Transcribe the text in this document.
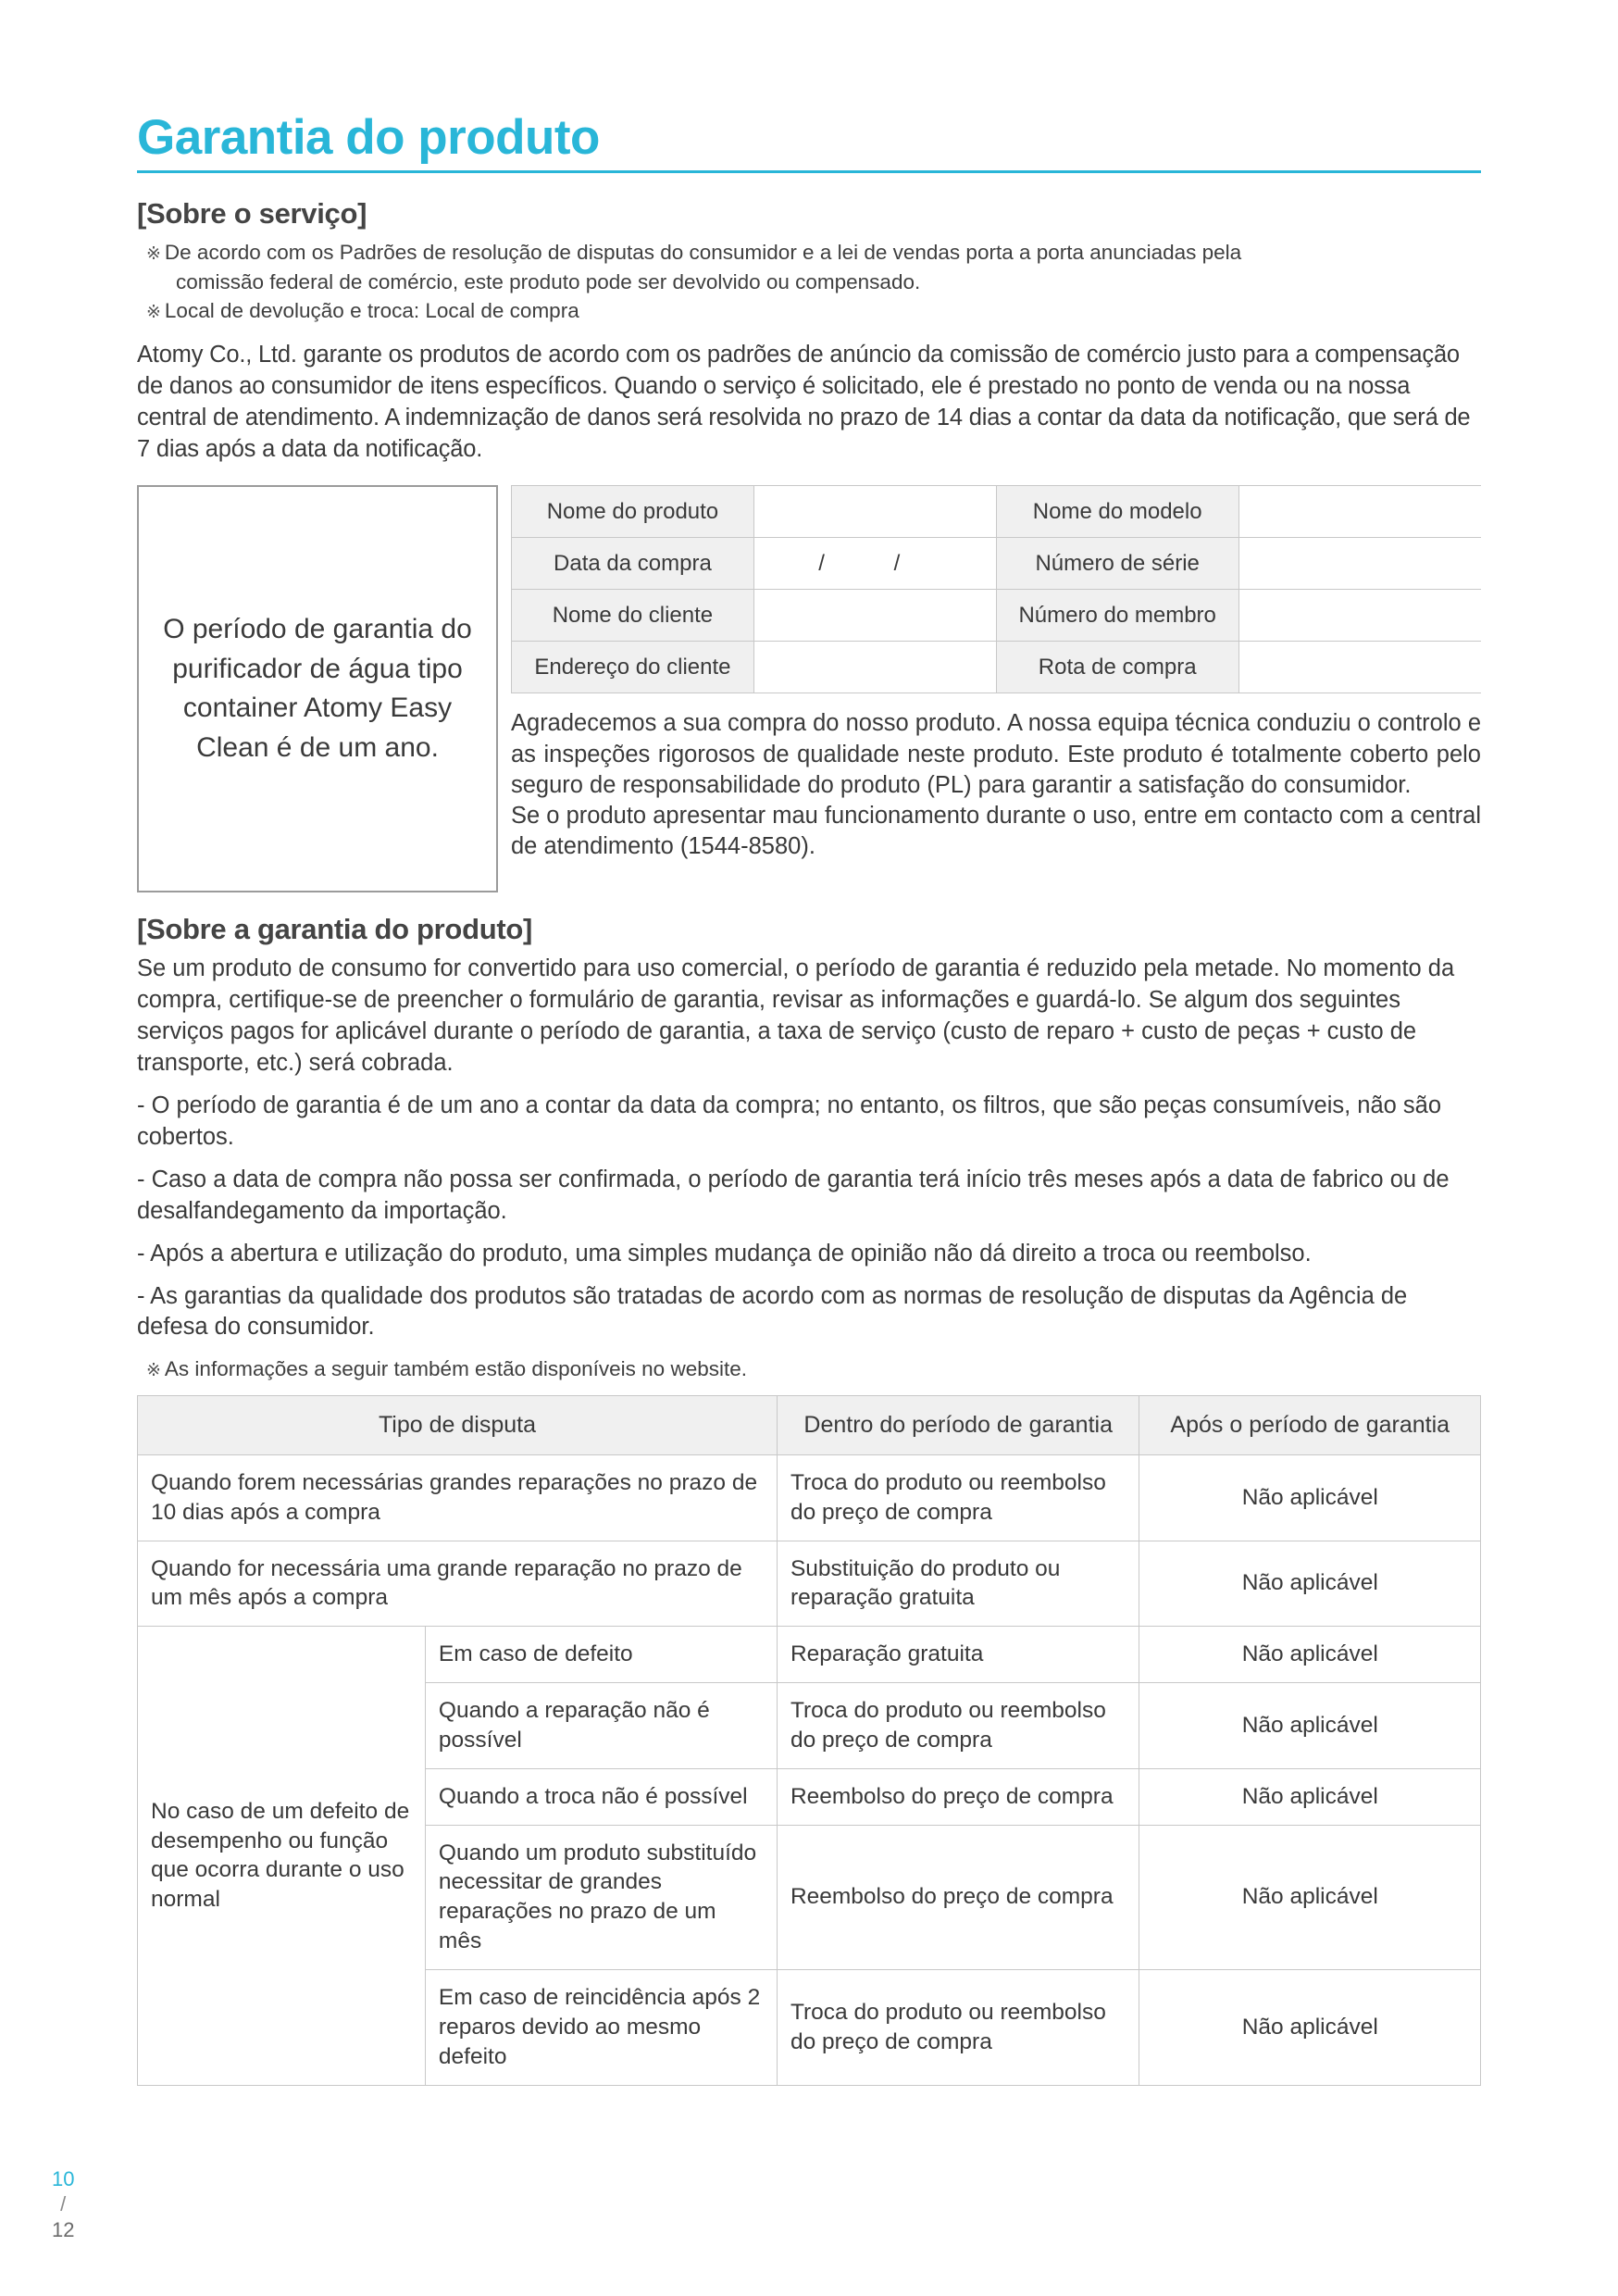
Garantia do produto
[Sobre o serviço]

※ De acordo com os Padrões de resolução de disputas do consumidor e a lei de vendas porta a porta anunciadas pela

comissão federal de comércio, este produto pode ser devolvido ou compensado.

※ Local de devolução e troca: Local de compra

Atomy Co., Ltd. garante os produtos de acordo com os padrões de anúncio da comissão de comércio justo para a compensação de danos ao consumidor de itens específicos. Quando o serviço é solicitado, ele é prestado no ponto de venda ou na nossa central de atendimento. A indemnização de danos será resolvida no prazo de 14 dias a contar da data da notificação, que será de 7 dias após a data da notificação.

O período de garantia do purificador de água tipo container Atomy Easy Clean é de um ano.
Nome do produto		Nome do modelo	
Data da compra	/ /	Número de série	
Nome do cliente		Número do membro	
Endereço do cliente		Rota de compra	

Agradecemos a sua compra do nosso produto. A nossa equipa técnica conduziu o controlo e as inspeções rigorosos de qualidade neste produto. Este produto é totalmente coberto pelo seguro de responsabilidade do produto (PL) para garantir a satisfação do consumidor.

Se o produto apresentar mau funcionamento durante o uso, entre em contacto com a central de atendimento (1544-8580).

[Sobre a garantia do produto]

Se um produto de consumo for convertido para uso comercial, o período de garantia é reduzido pela metade. No momento da compra, certifique-se de preencher o formulário de garantia, revisar as informações e guardá-lo. Se algum dos seguintes serviços pagos for aplicável durante o período de garantia, a taxa de serviço (custo de reparo + custo de peças + custo de transporte, etc.) será cobrada.

- O período de garantia é de um ano a contar da data da compra; no entanto, os filtros, que são peças consumíveis, não são cobertos.

- Caso a data de compra não possa ser confirmada, o período de garantia terá início três meses após a data de fabrico ou de desalfandegamento da importação.

- Após a abertura e utilização do produto, uma simples mudança de opinião não dá direito a troca ou reembolso.

- As garantias da qualidade dos produtos são tratadas de acordo com as normas de resolução de disputas da Agência de defesa do consumidor.

※ As informações a seguir também estão disponíveis no website.

Tipo de disputa		Dentro do período de garantia	Após o período de garantia
Quando forem necessárias grandes reparações no prazo de 10 dias após a compra		Troca do produto ou reembolso do preço de compra	Não aplicável
Quando for necessária uma grande reparação no prazo de um mês após a compra		Substituição do produto ou reparação gratuita	Não aplicável
No caso de um defeito de desempenho ou função que ocorra durante o uso normal	Em caso de defeito	Reparação gratuita	Não aplicável
	Quando a reparação não é possível	Troca do produto ou reembolso do preço de compra	Não aplicável
	Quando a troca não é possível	Reembolso do preço de compra	Não aplicável
	Quando um produto substituído necessitar de grandes reparações no prazo de um mês	Reembolso do preço de compra	Não aplicável
	Em caso de reincidência após 2 reparos devido ao mesmo defeito	Troca do produto ou reembolso do preço de compra	Não aplicável
10
/
12
